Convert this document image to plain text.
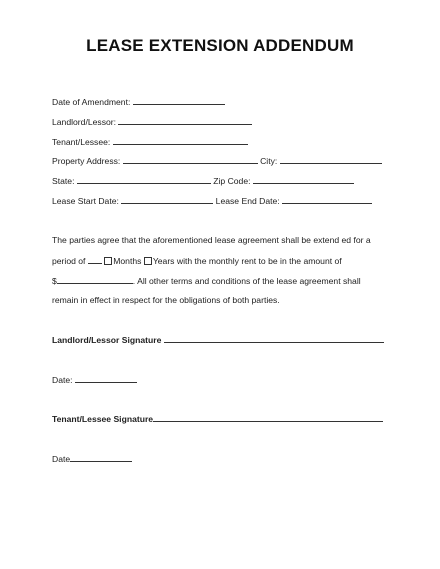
LEASE EXTENSION ADDENDUM
Date of Amendment:
Landlord/Lessor:
Tenant/Lessee:
Property Address:	City:
State:	Zip Code:
Lease Start Date:	Lease End Date:
The parties agree that the aforementioned lease agreement shall be extend ed for a
period of	Months Years with the monthly rent to be in the amount of
$	. All other terms and conditions of the lease agreement shall
remain in effect in respect for the obligations of both parties.
Landlord/Lessor Signature
Date:
Tenant/Lessee Signature
Date
